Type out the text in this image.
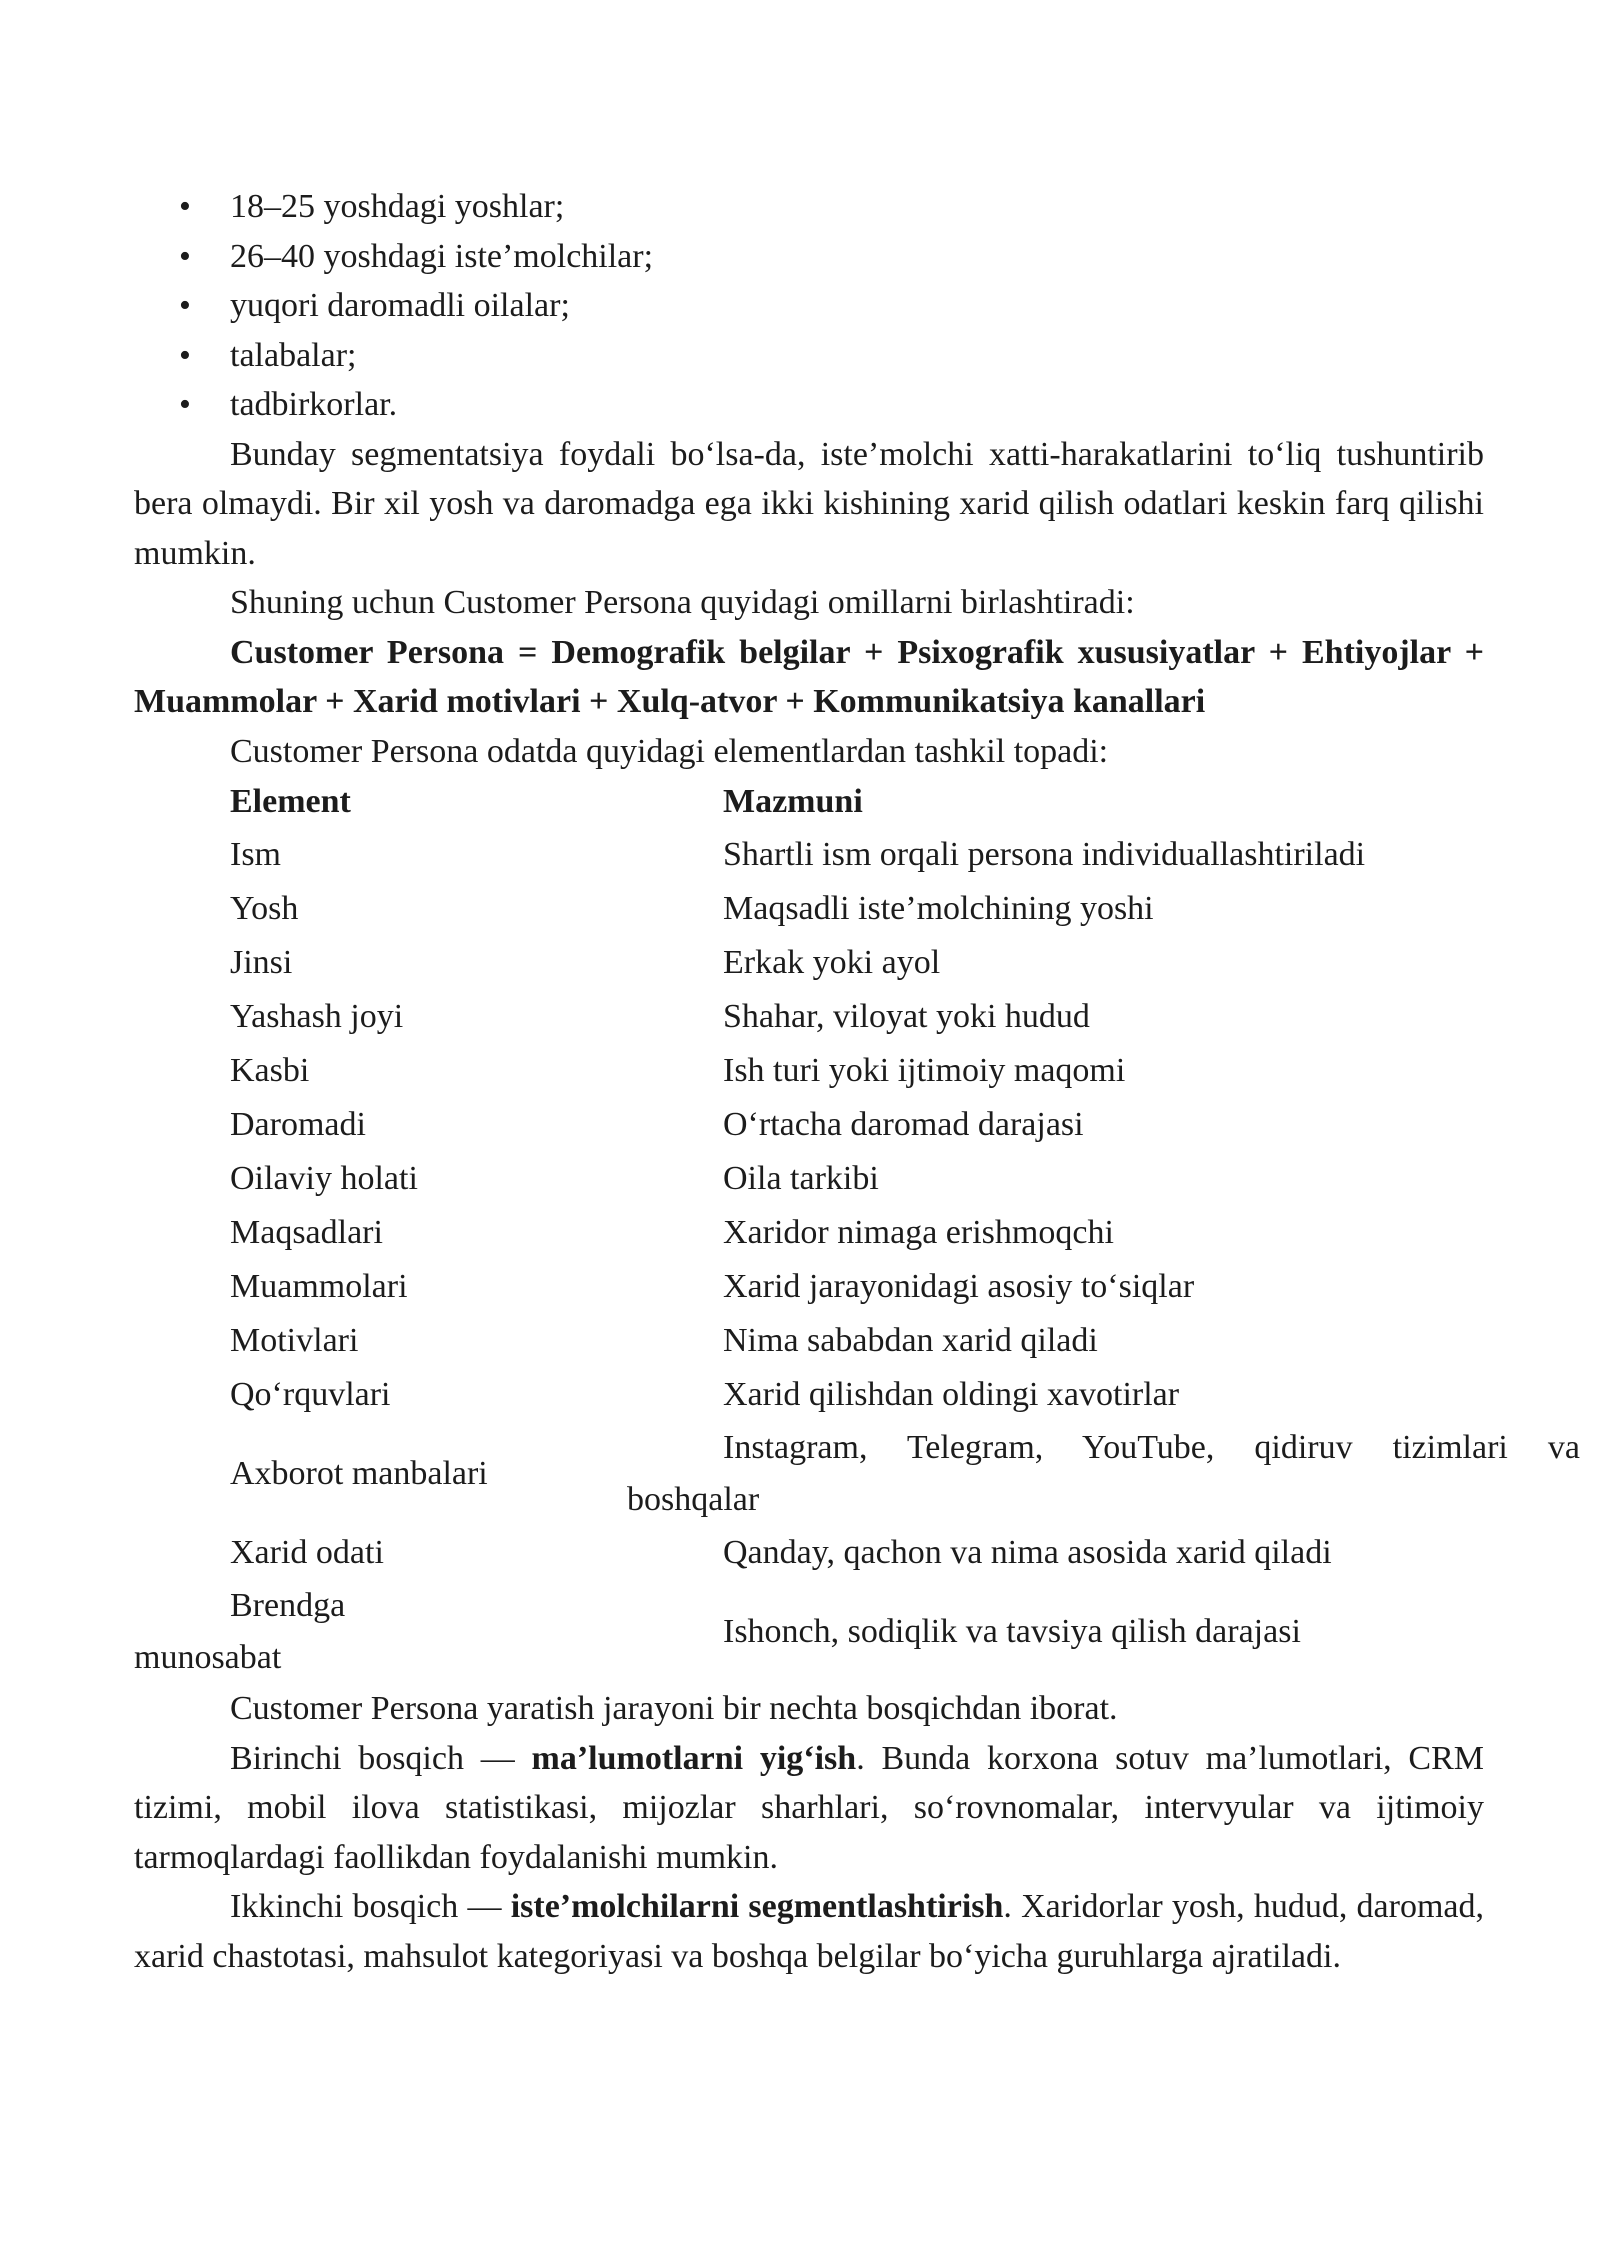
• 18–25 yoshdagi yoshlar;
• 26–40 yoshdagi iste’molchilar;
• yuqori daromadli oilalar;
• talabalar;
• tadbirkorlar.

Bunday segmentatsiya foydali bo‘lsa-da, iste’molchi xatti-harakatlarini to‘liq tushuntirib bera olmaydi. Bir xil yosh va daromadga ega ikki kishining xarid qilish odatlari keskin farq qilishi mumkin.

Shuning uchun Customer Persona quyidagi omillarni birlashtiradi:

Customer Persona = Demografik belgilar + Psixografik xususiyatlar + Ehtiyojlar + Muammolar + Xarid motivlari + Xulq-atvor + Kommunikatsiya kanallari

Customer Persona odatda quyidagi elementlardan tashkil topadi:

Element	Mazmuni
Ism	Shartli ism orqali persona individuallashtiriladi
Yosh	Maqsadli iste’molchining yoshi
Jinsi	Erkak yoki ayol
Yashash joyi	Shahar, viloyat yoki hudud
Kasbi	Ish turi yoki ijtimoiy maqomi
Daromadi	O‘rtacha daromad darajasi
Oilaviy holati	Oila tarkibi
Maqsadlari	Xaridor nimaga erishmoqchi
Muammolari	Xarid jarayonidagi asosiy to‘siqlar
Motivlari	Nima sababdan xarid qiladi
Qo‘rquvlari	Xarid qilishdan oldingi xavotirlar
Axborot manbalari	Instagram, Telegram, YouTube, qidiruv tizimlari va
boshqalar

Xarid odati	Qanday, qachon va nima asosida xarid qiladi

Brendga
munosabat	Ishonch, sodiqlik va tavsiya qilish darajasi

Customer Persona yaratish jarayoni bir nechta bosqichdan iborat.

Birinchi bosqich — ma’lumotlarni yig‘ish. Bunda korxona sotuv ma’lumotlari, CRM tizimi, mobil ilova statistikasi, mijozlar sharhlari, so‘rovnomalar, intervyular va ijtimoiy tarmoqlardagi faollikdan foydalanishi mumkin.

Ikkinchi bosqich — iste’molchilarni segmentlashtirish. Xaridorlar yosh, hudud, daromad, xarid chastotasi, mahsulot kategoriyasi va boshqa belgilar bo‘yicha guruhlarga ajratiladi.
